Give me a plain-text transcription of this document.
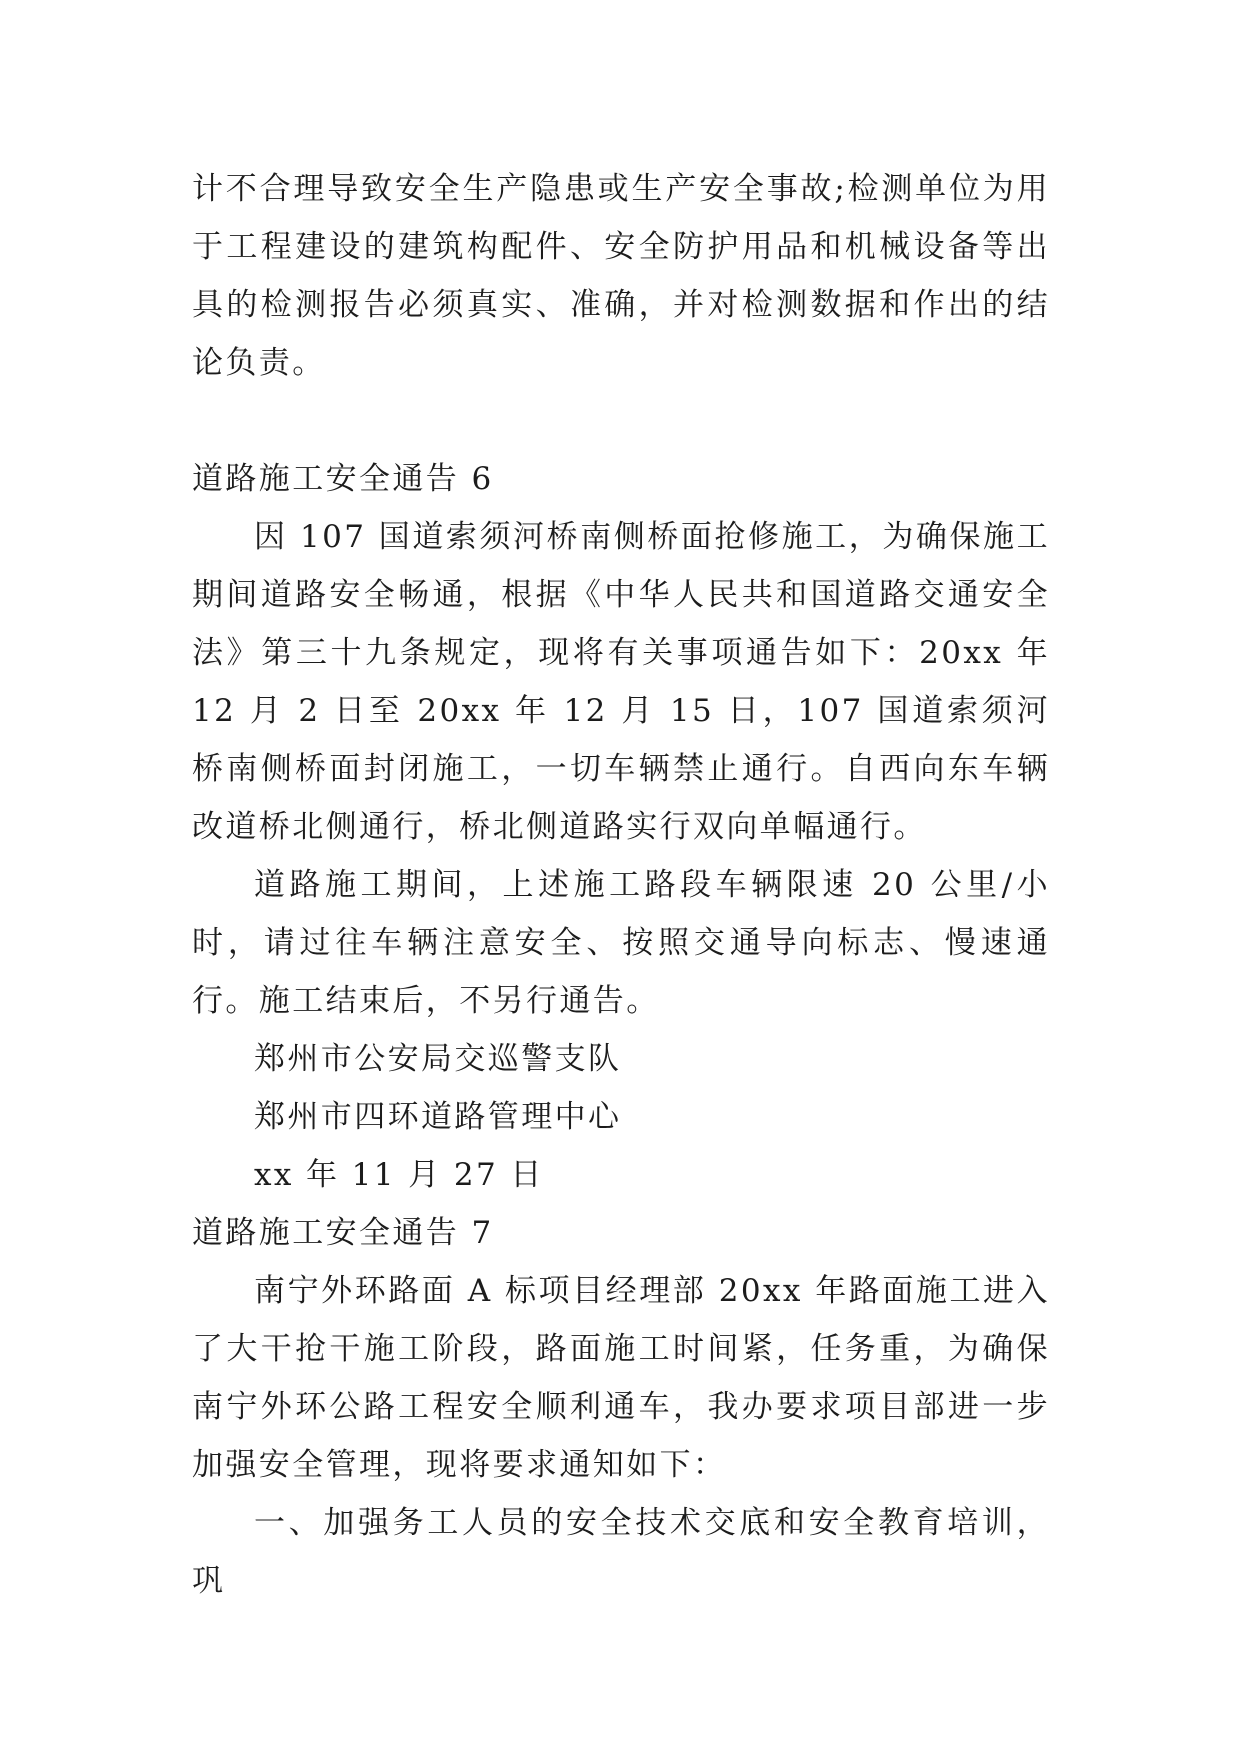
计不合理导致安全生产隐患或生产安全事故;检测单位为用于工程建设的建筑构配件、安全防护用品和机械设备等出具的检测报告必须真实、准确，并对检测数据和作出的结论负责。

道路施工安全通告 6

因 107 国道索须河桥南侧桥面抢修施工，为确保施工期间道路安全畅通，根据《中华人民共和国道路交通安全法》第三十九条规定，现将有关事项通告如下：20xx 年 12 月 2 日至 20xx 年 12 月 15 日，107 国道索须河桥南侧桥面封闭施工，一切车辆禁止通行。自西向东车辆改道桥北侧通行，桥北侧道路实行双向单幅通行。

道路施工期间，上述施工路段车辆限速 20 公里/小时，请过往车辆注意安全、按照交通导向标志、慢速通行。施工结束后，不另行通告。

郑州市公安局交巡警支队

郑州市四环道路管理中心

xx 年 11 月 27 日

道路施工安全通告 7

南宁外环路面 A 标项目经理部 20xx 年路面施工进入了大干抢干施工阶段，路面施工时间紧，任务重，为确保南宁外环公路工程安全顺利通车，我办要求项目部进一步加强安全管理，现将要求通知如下：

一、加强务工人员的安全技术交底和安全教育培训，巩
